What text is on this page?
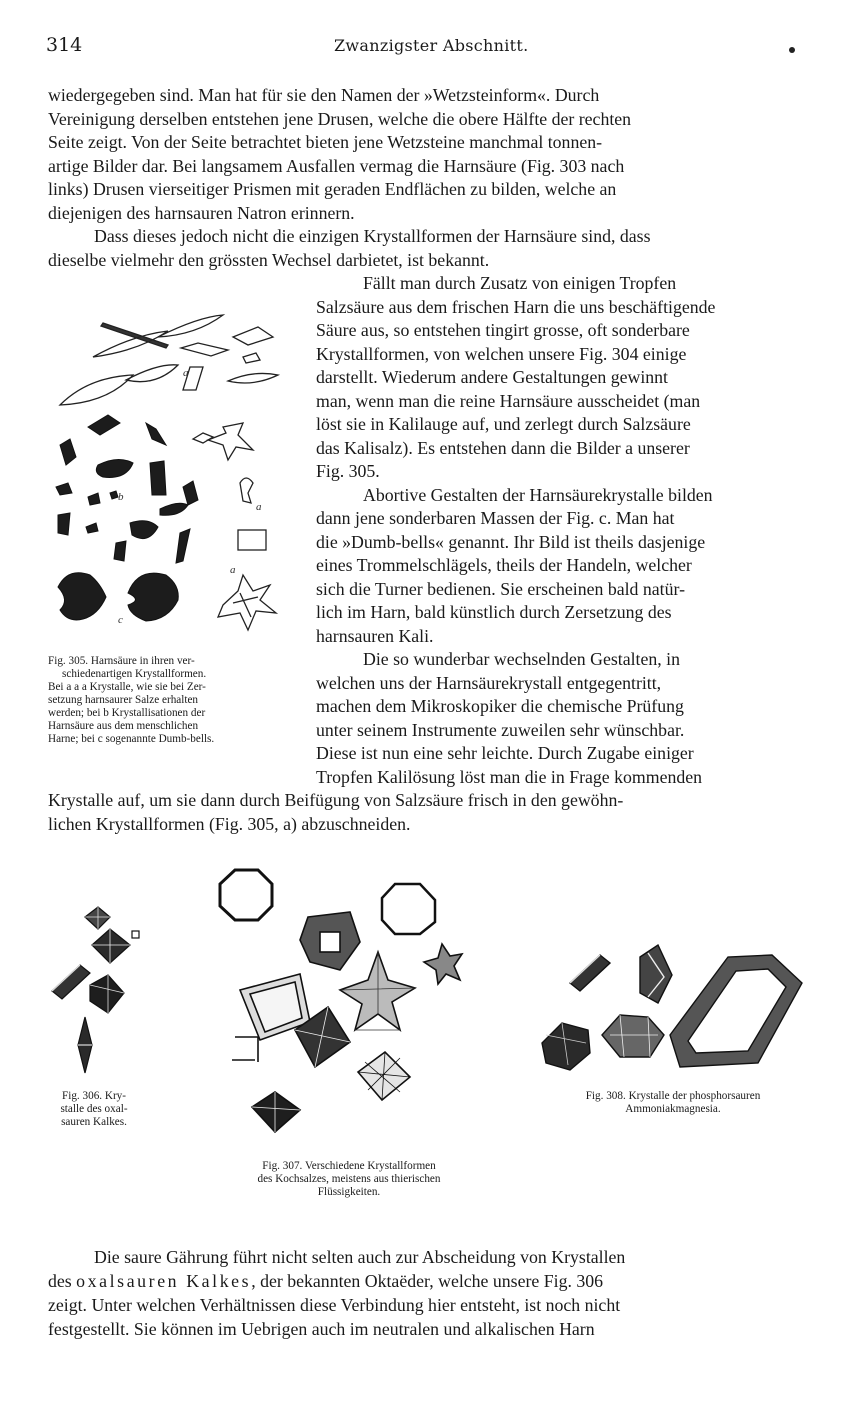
314	Zwanzigster Abschnitt.
wiedergegeben sind. Man hat für sie den Namen der »Wetzsteinform«. Durch
Vereinigung derselben entstehen jene Drusen, welche die obere Hälfte der rechten
Seite zeigt. Von der Seite betrachtet bieten jene Wetzsteine manchmal tonnen-
artige Bilder dar. Bei langsamem Ausfallen vermag die Harnsäure (Fig. 303 nach
links) Drusen vierseitiger Prismen mit geraden Endflächen zu bilden, welche an
diejenigen des harnsauren Natron erinnern.
Dass dieses jedoch nicht die einzigen Krystallformen der Harnsäure sind, dass
dieselbe vielmehr den grössten Wechsel darbietet, ist bekannt.
Fällt man durch Zusatz von einigen Tropfen
Salzsäure aus dem frischen Harn die uns beschäftigende
Säure aus, so entstehen tingirt grosse, oft sonderbare
Krystallformen, von welchen unsere Fig. 304 einige
darstellt. Wiederum andere Gestaltungen gewinnt
man, wenn man die reine Harnsäure ausscheidet (man
löst sie in Kalilauge auf, und zerlegt durch Salzsäure
das Kalisalz). Es entstehen dann die Bilder a unserer
Fig. 305.
Abortive Gestalten der Harnsäurekrystalle bilden
dann jene sonderbaren Massen der Fig. c. Man hat
die »Dumb-bells« genannt. Ihr Bild ist theils dasjenige
eines Trommelschlägels, theils der Handeln, welcher
sich die Turner bedienen. Sie erscheinen bald natür-
lich im Harn, bald künstlich durch Zersetzung des
harnsauren Kali.
Die so wunderbar wechselnden Gestalten, in
welchen uns der Harnsäurekrystall entgegentritt,
machen dem Mikroskopiker die chemische Prüfung
unter seinem Instrumente zuweilen sehr wünschbar.
Diese ist nun eine sehr leichte. Durch Zugabe einiger
Tropfen Kalilösung löst man die in Frage kommenden
Krystalle auf, um sie dann durch Beifügung von Salzsäure frisch in den gewöhn-
lichen Krystallformen (Fig. 305, a) abzuschneiden.
a
b
a
a
c
Fig. 305. Harnsäure in ihren ver-
schiedenartigen Krystallformen.
Bei a a a Krystalle, wie sie bei Zer-
setzung harnsaurer Salze erhalten
werden; bei b Krystallisationen der
Harnsäure aus dem menschlichen
Harne; bei c sogenannte Dumb-bells.
Fig. 306. Kry-
stalle des oxal-
sauren Kalkes.
Fig. 307. Verschiedene Krystallformen
des Kochsalzes, meistens aus thierischen
Flüssigkeiten.
Fig. 308. Krystalle der phosphorsauren
Ammoniakmagnesia.
Die saure Gährung führt nicht selten auch zur Abscheidung von Krystallen
des oxalsauren Kalkes, der bekannten Oktaëder, welche unsere Fig. 306
zeigt. Unter welchen Verhältnissen diese Verbindung hier entsteht, ist noch nicht
festgestellt. Sie können im Uebrigen auch im neutralen und alkalischen Harn
